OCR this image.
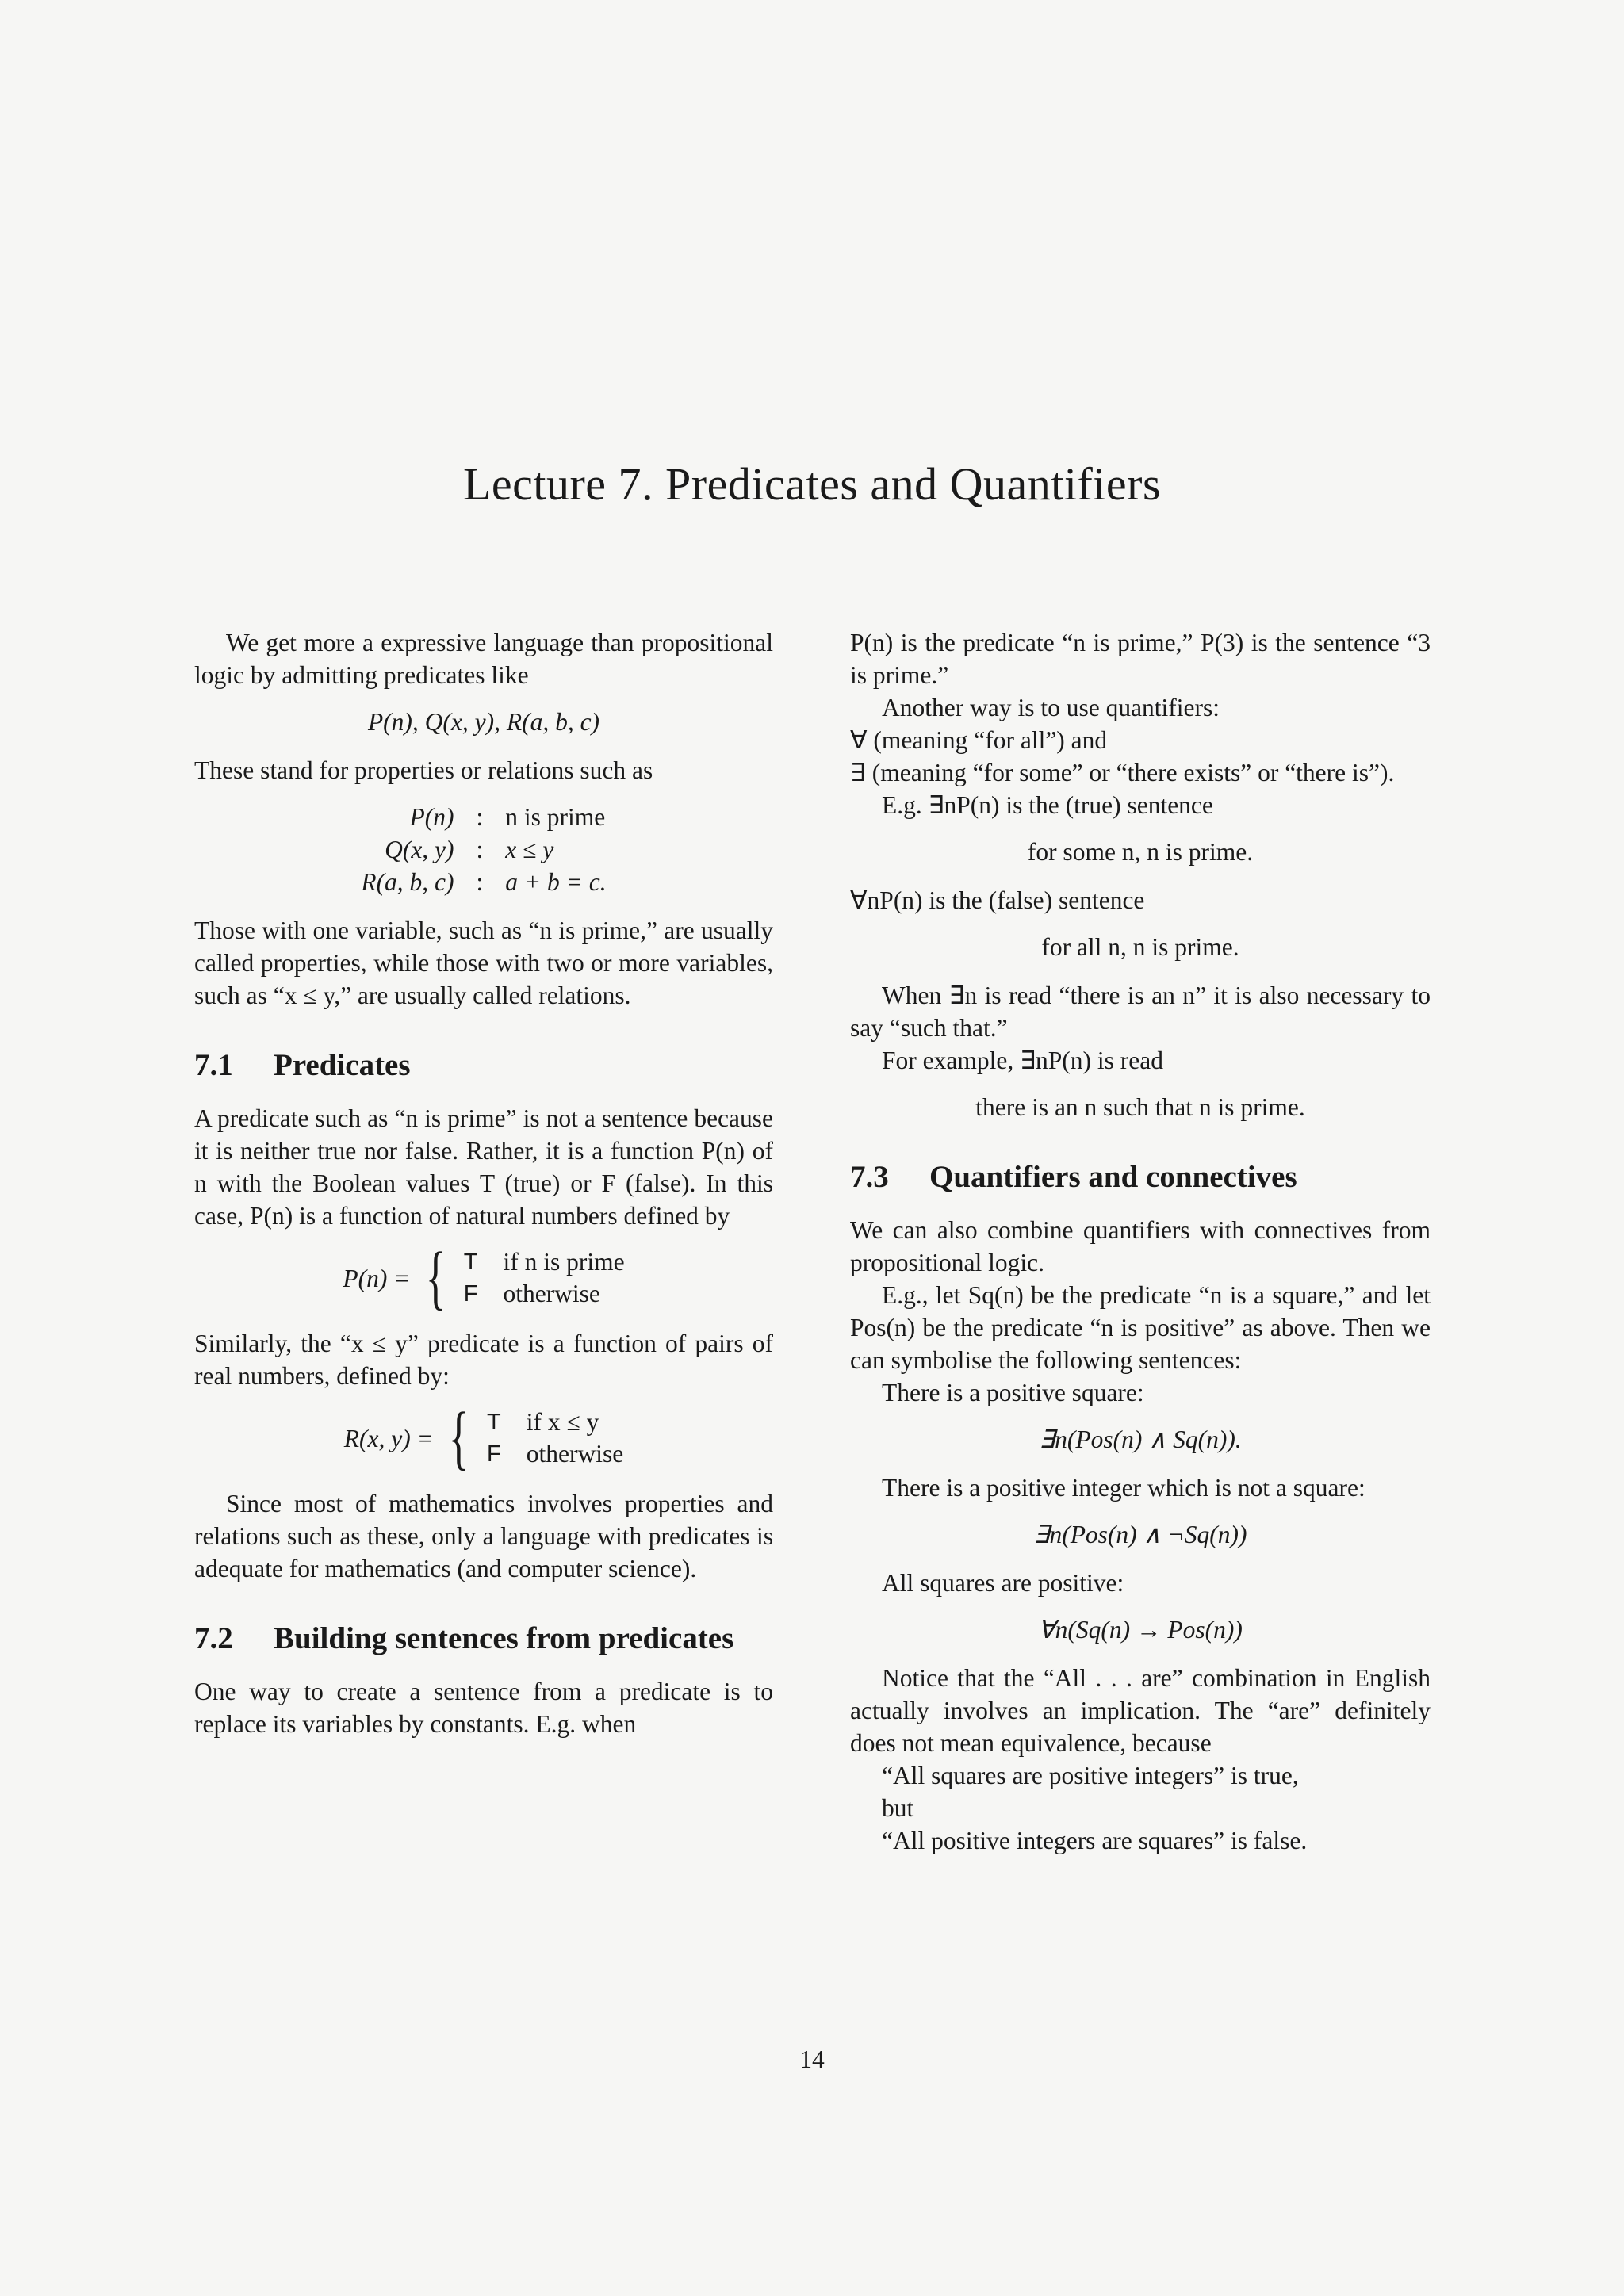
Lecture 7. Predicates and Quantifiers

We get more a expressive language than propositional logic by admitting predicates like

P(n), Q(x, y), R(a, b, c)

These stand for properties or relations such as

P(n)	:	n is prime
Q(x, y)	:	x ≤ y
R(a, b, c)	:	a + b = c.

Those with one variable, such as “n is prime,” are usually called properties, while those with two or more variables, such as “x ≤ y,” are usually called relations.

7.1 Predicates

A predicate such as “n is prime” is not a sentence because it is neither true nor false. Rather, it is a function P(n) of n with the Boolean values T (true) or F (false). In this case, P(n) is a function of natural numbers defined by

P(n) = { T if n is prime
F otherwise

Similarly, the “x ≤ y” predicate is a function of pairs of real numbers, defined by:

R(x, y) = { T if x ≤ y
F otherwise

Since most of mathematics involves properties and relations such as these, only a language with predicates is adequate for mathematics (and computer science).

7.2	Building sentences from predicates

One way to create a sentence from a predicate is to replace its variables by constants. E.g. when

P(n) is the predicate “n is prime,” P(3) is the sentence “3 is prime.”

Another way is to use quantifiers:

∀ (meaning “for all”) and

∃ (meaning “for some” or “there exists” or “there is”).

E.g. ∃nP(n) is the (true) sentence

for some n, n is prime.

∀nP(n) is the (false) sentence

for all n, n is prime.

When ∃n is read “there is an n” it is also necessary to say “such that.”

For example, ∃nP(n) is read

there is an n such that n is prime.

7.3 Quantifiers and connectives

We can also combine quantifiers with connectives from propositional logic.

E.g., let Sq(n) be the predicate “n is a square,” and let Pos(n) be the predicate “n is positive” as above. Then we can symbolise the following sentences:

There is a positive square:

∃n(Pos(n) ∧ Sq(n)).

There is a positive integer which is not a square:

∃n(Pos(n) ∧ ¬Sq(n))

All squares are positive:

∀n(Sq(n) → Pos(n))

Notice that the “All . . . are” combination in English actually involves an implication. The “are” definitely does not mean equivalence, because

“All squares are positive integers” is true,

but

“All positive integers are squares” is false.

14
